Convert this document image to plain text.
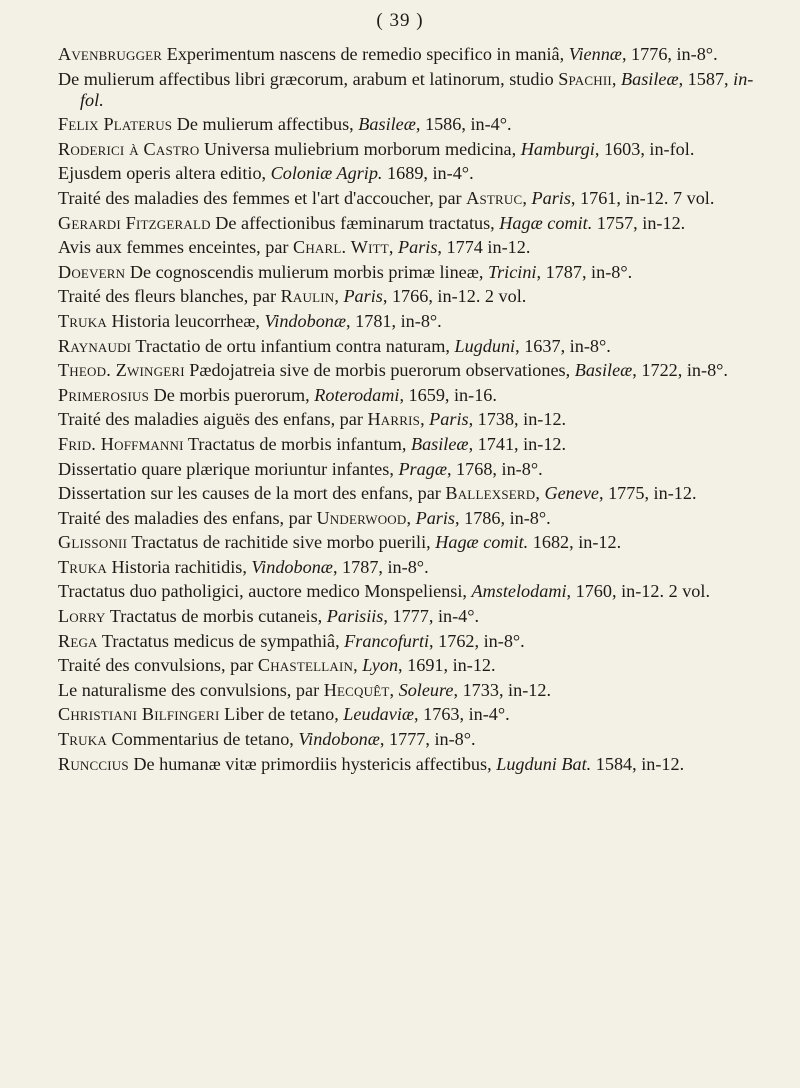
( 39 )
Avenbrugger Experimentum nascens de remedio specifico in maniâ, Viennæ, 1776, in-8°.
De mulierum affectibus libri græcorum, arabum et latinorum, studio Spachii, Basileæ, 1587, in-fol.
Felix Platerus De mulierum affectibus, Basileæ, 1586, in-4°.
Roderici à Castro Universa muliebrium morborum medicina, Hamburgi, 1603, in-fol.
Ejusdem operis altera editio, Coloniæ Agrip. 1689, in-4°.
Traité des maladies des femmes et l'art d'accoucher, par Astruc, Paris, 1761, in-12. 7 vol.
Gerardi Fitzgerald De affectionibus fæminarum tractatus, Hagæ comit. 1757, in-12.
Avis aux femmes enceintes, par Charl. Witt, Paris, 1774 in-12.
Doevern De cognoscendis mulierum morbis primæ lineæ, Tricini, 1787, in-8°.
Traité des fleurs blanches, par Raulin, Paris, 1766, in-12. 2 vol.
Truka Historia leucorrheæ, Vindobonæ, 1781, in-8°.
Raynaudi Tractatio de ortu infantium contra naturam, Lugduni, 1637, in-8°.
Theod. Zwingeri Pædojatreia sive de morbis puerorum observationes, Basileæ, 1722, in-8°.
Primerosius De morbis puerorum, Roterodami, 1659, in-16.
Traité des maladies aiguës des enfans, par Harris, Paris, 1738, in-12.
Frid. Hoffmanni Tractatus de morbis infantum, Basileæ, 1741, in-12.
Dissertatio quare plærique moriuntur infantes, Pragæ, 1768, in-8°.
Dissertation sur les causes de la mort des enfans, par Ballexserd, Geneve, 1775, in-12.
Traité des maladies des enfans, par Underwood, Paris, 1786, in-8°.
Glissonii Tractatus de rachitide sive morbo puerili, Hagæ comit. 1682, in-12.
Truka Historia rachitidis, Vindobonæ, 1787, in-8°.
Tractatus duo patholigici, auctore medico Monspeliensi, Amstelodami, 1760, in-12. 2 vol.
Lorry Tractatus de morbis cutaneis, Parisiis, 1777, in-4°.
Rega Tractatus medicus de sympathiâ, Francofurti, 1762, in-8°.
Traité des convulsions, par Chastellain, Lyon, 1691, in-12.
Le naturalisme des convulsions, par Hecquêt, Soleure, 1733, in-12.
Christiani Bilfingeri Liber de tetano, Leudaviæ, 1763, in-4°.
Truka Commentarius de tetano, Vindobonæ, 1777, in-8°.
Runccius De humanæ vitæ primordiis hystericis affectibus, Lugduni Bat. 1584, in-12.
